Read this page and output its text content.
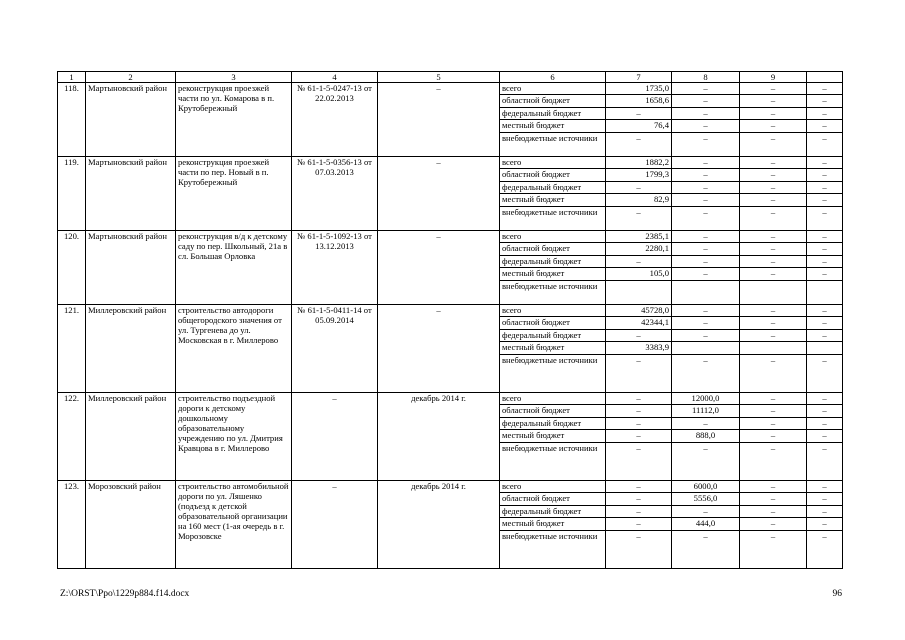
1	2	3	4	5	6	7	8	9	
118.	Мартыновский район	реконструкция проезжей части по ул. Комарова в п. Крутобережный	№ 61-1-5-0247-13 от 22.02.2013	–	всего	1735,0	–	–	–
					областной бюджет	1658,6	–	–	–
					федеральный бюджет	–	–	–	–
					местный бюджет	76,4	–	–	–
					внебюджетные источники	–	–	–	–
119.	Мартыновский район	реконструкция проезжей части по пер. Новый в п. Крутобережный	№ 61-1-5-0356-13 от 07.03.2013	–	всего	1882,2	–	–	–
					областной бюджет	1799,3	–	–	–
					федеральный бюджет	–	–	–	–
					местный бюджет	82,9	–	–	–
					внебюджетные источники	–	–	–	–
120.	Мартыновский район	реконструкция в/д к детскому саду по пер. Школьный, 21а в сл. Большая Орловка	№ 61-1-5-1092-13 от 13.12.2013	–	всего	2385,1	–	–	–
					областной бюджет	2280,1	–	–	–
					федеральный бюджет	–	–	–	–
					местный бюджет	105,0	–	–	–
					внебюджетные источники				
121.	Миллеровский район	строительство автодороги общегородского значения от ул. Тургенева до ул. Московская в г. Миллерово	№ 61-1-5-0411-14 от 05.09.2014	–	всего	45728,0	–	–	–
					областной бюджет	42344,1	–	–	–
					федеральный бюджет	–	–	–	–
					местный бюджет	3383,9			
					внебюджетные источники	–	–	–	–
122.	Миллеровский район	строительство подъездной дороги к детскому дошкольному образовательному учреждению по ул. Дмитрия Кравцова в г. Миллерово	–	декабрь 2014 г.	всего	–	12000,0	–	–
					областной бюджет	–	11112,0	–	–
					федеральный бюджет	–	–	–	–
					местный бюджет	–	888,0	–	–
					внебюджетные источники	–	–	–	–
123.	Морозовский район	строительство автомобильной дороги по ул. Ляшенко (подъезд к детской образовательной организации на 160 мест (1-ая очередь в г. Морозовске	–	декабрь 2014 г.	всего	–	6000,0	–	–
					областной бюджет	–	5556,0	–	–
					федеральный бюджет	–	–	–	–
					местный бюджет	–	444,0	–	–
					внебюджетные источники	–	–	–	–
Z:\ORST\Ppo\1229p884.f14.docx	96
